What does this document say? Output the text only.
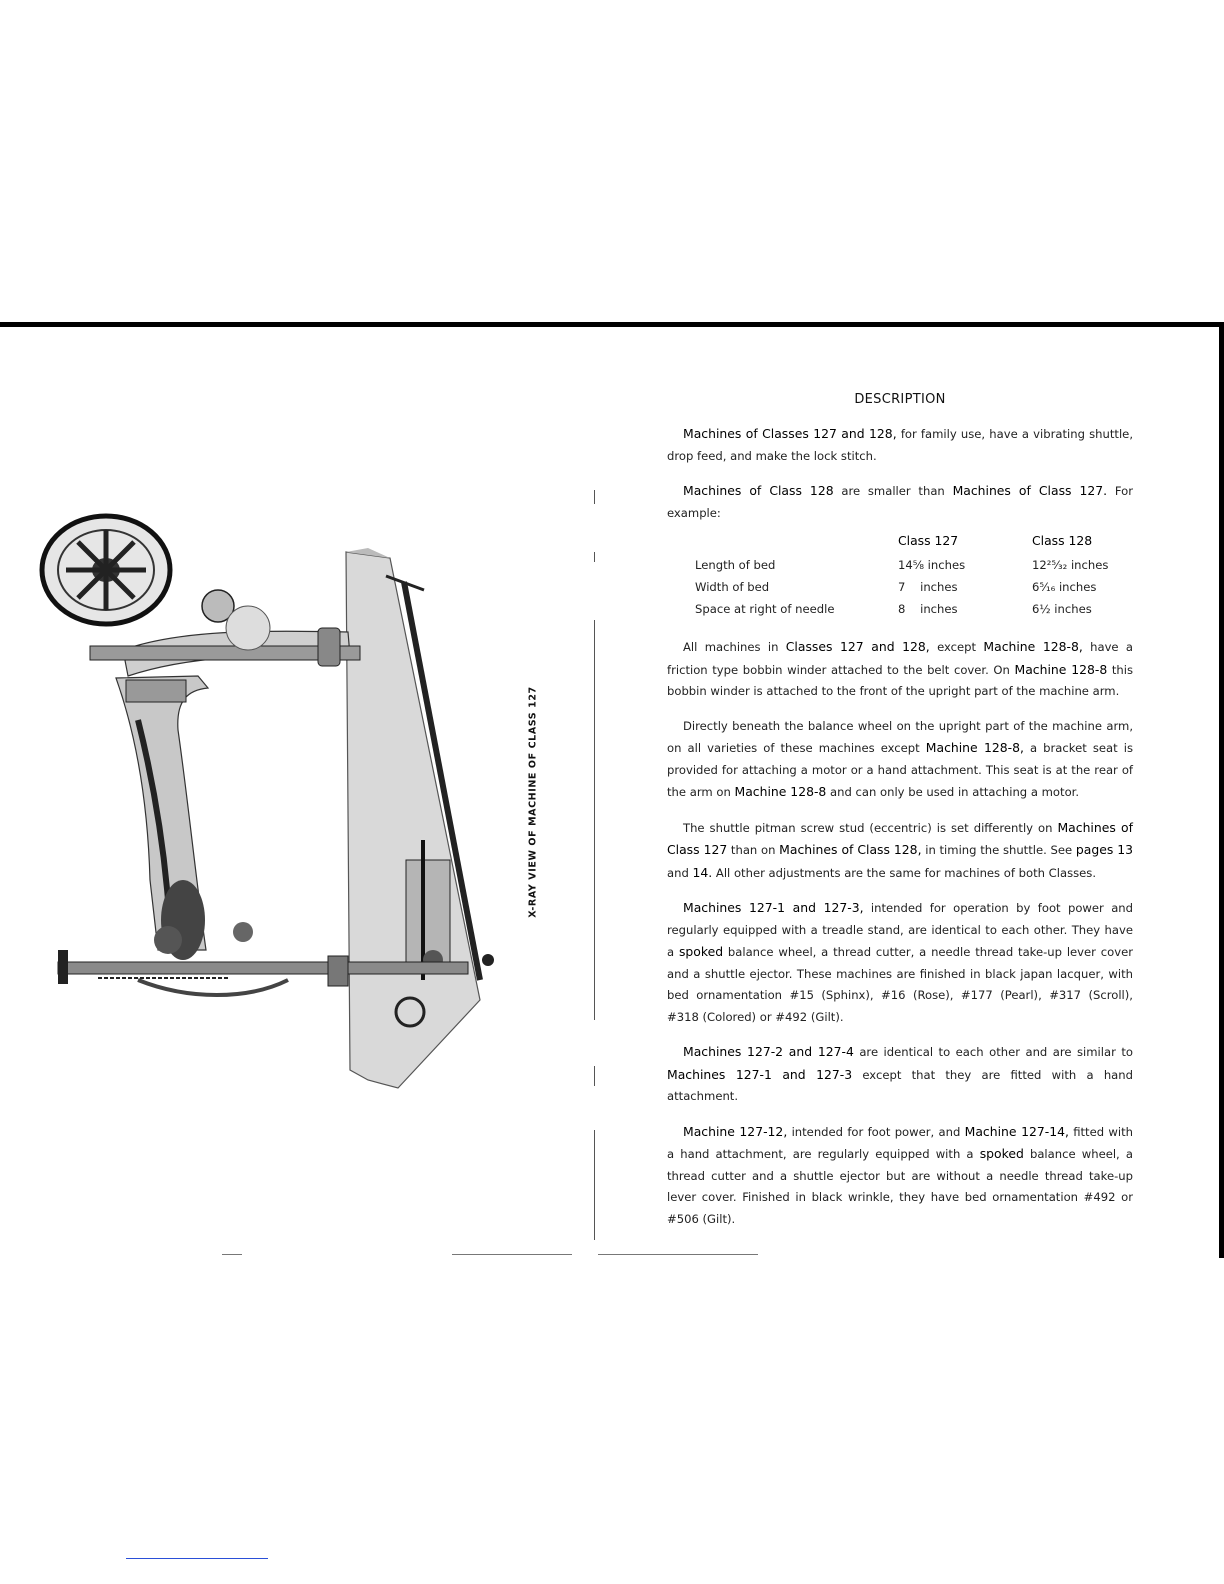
X-RAY VIEW OF MACHINE OF CLASS 127
DESCRIPTION

Machines of Classes 127 and 128, for family use, have a vibrating shuttle, drop feed, and make the lock stitch.

Machines of Class 128 are smaller than Machines of Class 127. For example:

	Class 127	Class 128
Length of bed	14⅝ inches	12²⁵⁄₃₂ inches
Width of bed	7    inches	6⁵⁄₁₆ inches
Space at right of needle	8    inches	6½ inches

All machines in Classes 127 and 128, except Machine 128-8, have a friction type bobbin winder attached to the belt cover. On Machine 128-8 this bobbin winder is attached to the front of the upright part of the machine arm.

Directly beneath the balance wheel on the upright part of the machine arm, on all varieties of these machines except Machine 128-8, a bracket seat is provided for attaching a motor or a hand attachment. This seat is at the rear of the arm on Machine 128-8 and can only be used in attaching a motor.

The shuttle pitman screw stud (eccentric) is set differently on Machines of Class 127 than on Machines of Class 128, in timing the shuttle. See pages 13 and 14. All other adjustments are the same for machines of both Classes.

Machines 127-1 and 127-3, intended for operation by foot power and regularly equipped with a treadle stand, are identical to each other. They have a spoked balance wheel, a thread cutter, a needle thread take-up lever cover and a shuttle ejector. These machines are finished in black japan lacquer, with bed ornamentation #15 (Sphinx), #16 (Rose), #177 (Pearl), #317 (Scroll), #318 (Colored) or #492 (Gilt).

Machines 127-2 and 127-4 are identical to each other and are similar to Machines 127-1 and 127-3 except that they are fitted with a hand attachment.

Machine 127-12, intended for foot power, and Machine 127-14, fitted with a hand attachment, are regularly equipped with a spoked balance wheel, a thread cutter and a shuttle ejector but are without a needle thread take-up lever cover. Finished in black wrinkle, they have bed ornamentation #492 or #506 (Gilt).
